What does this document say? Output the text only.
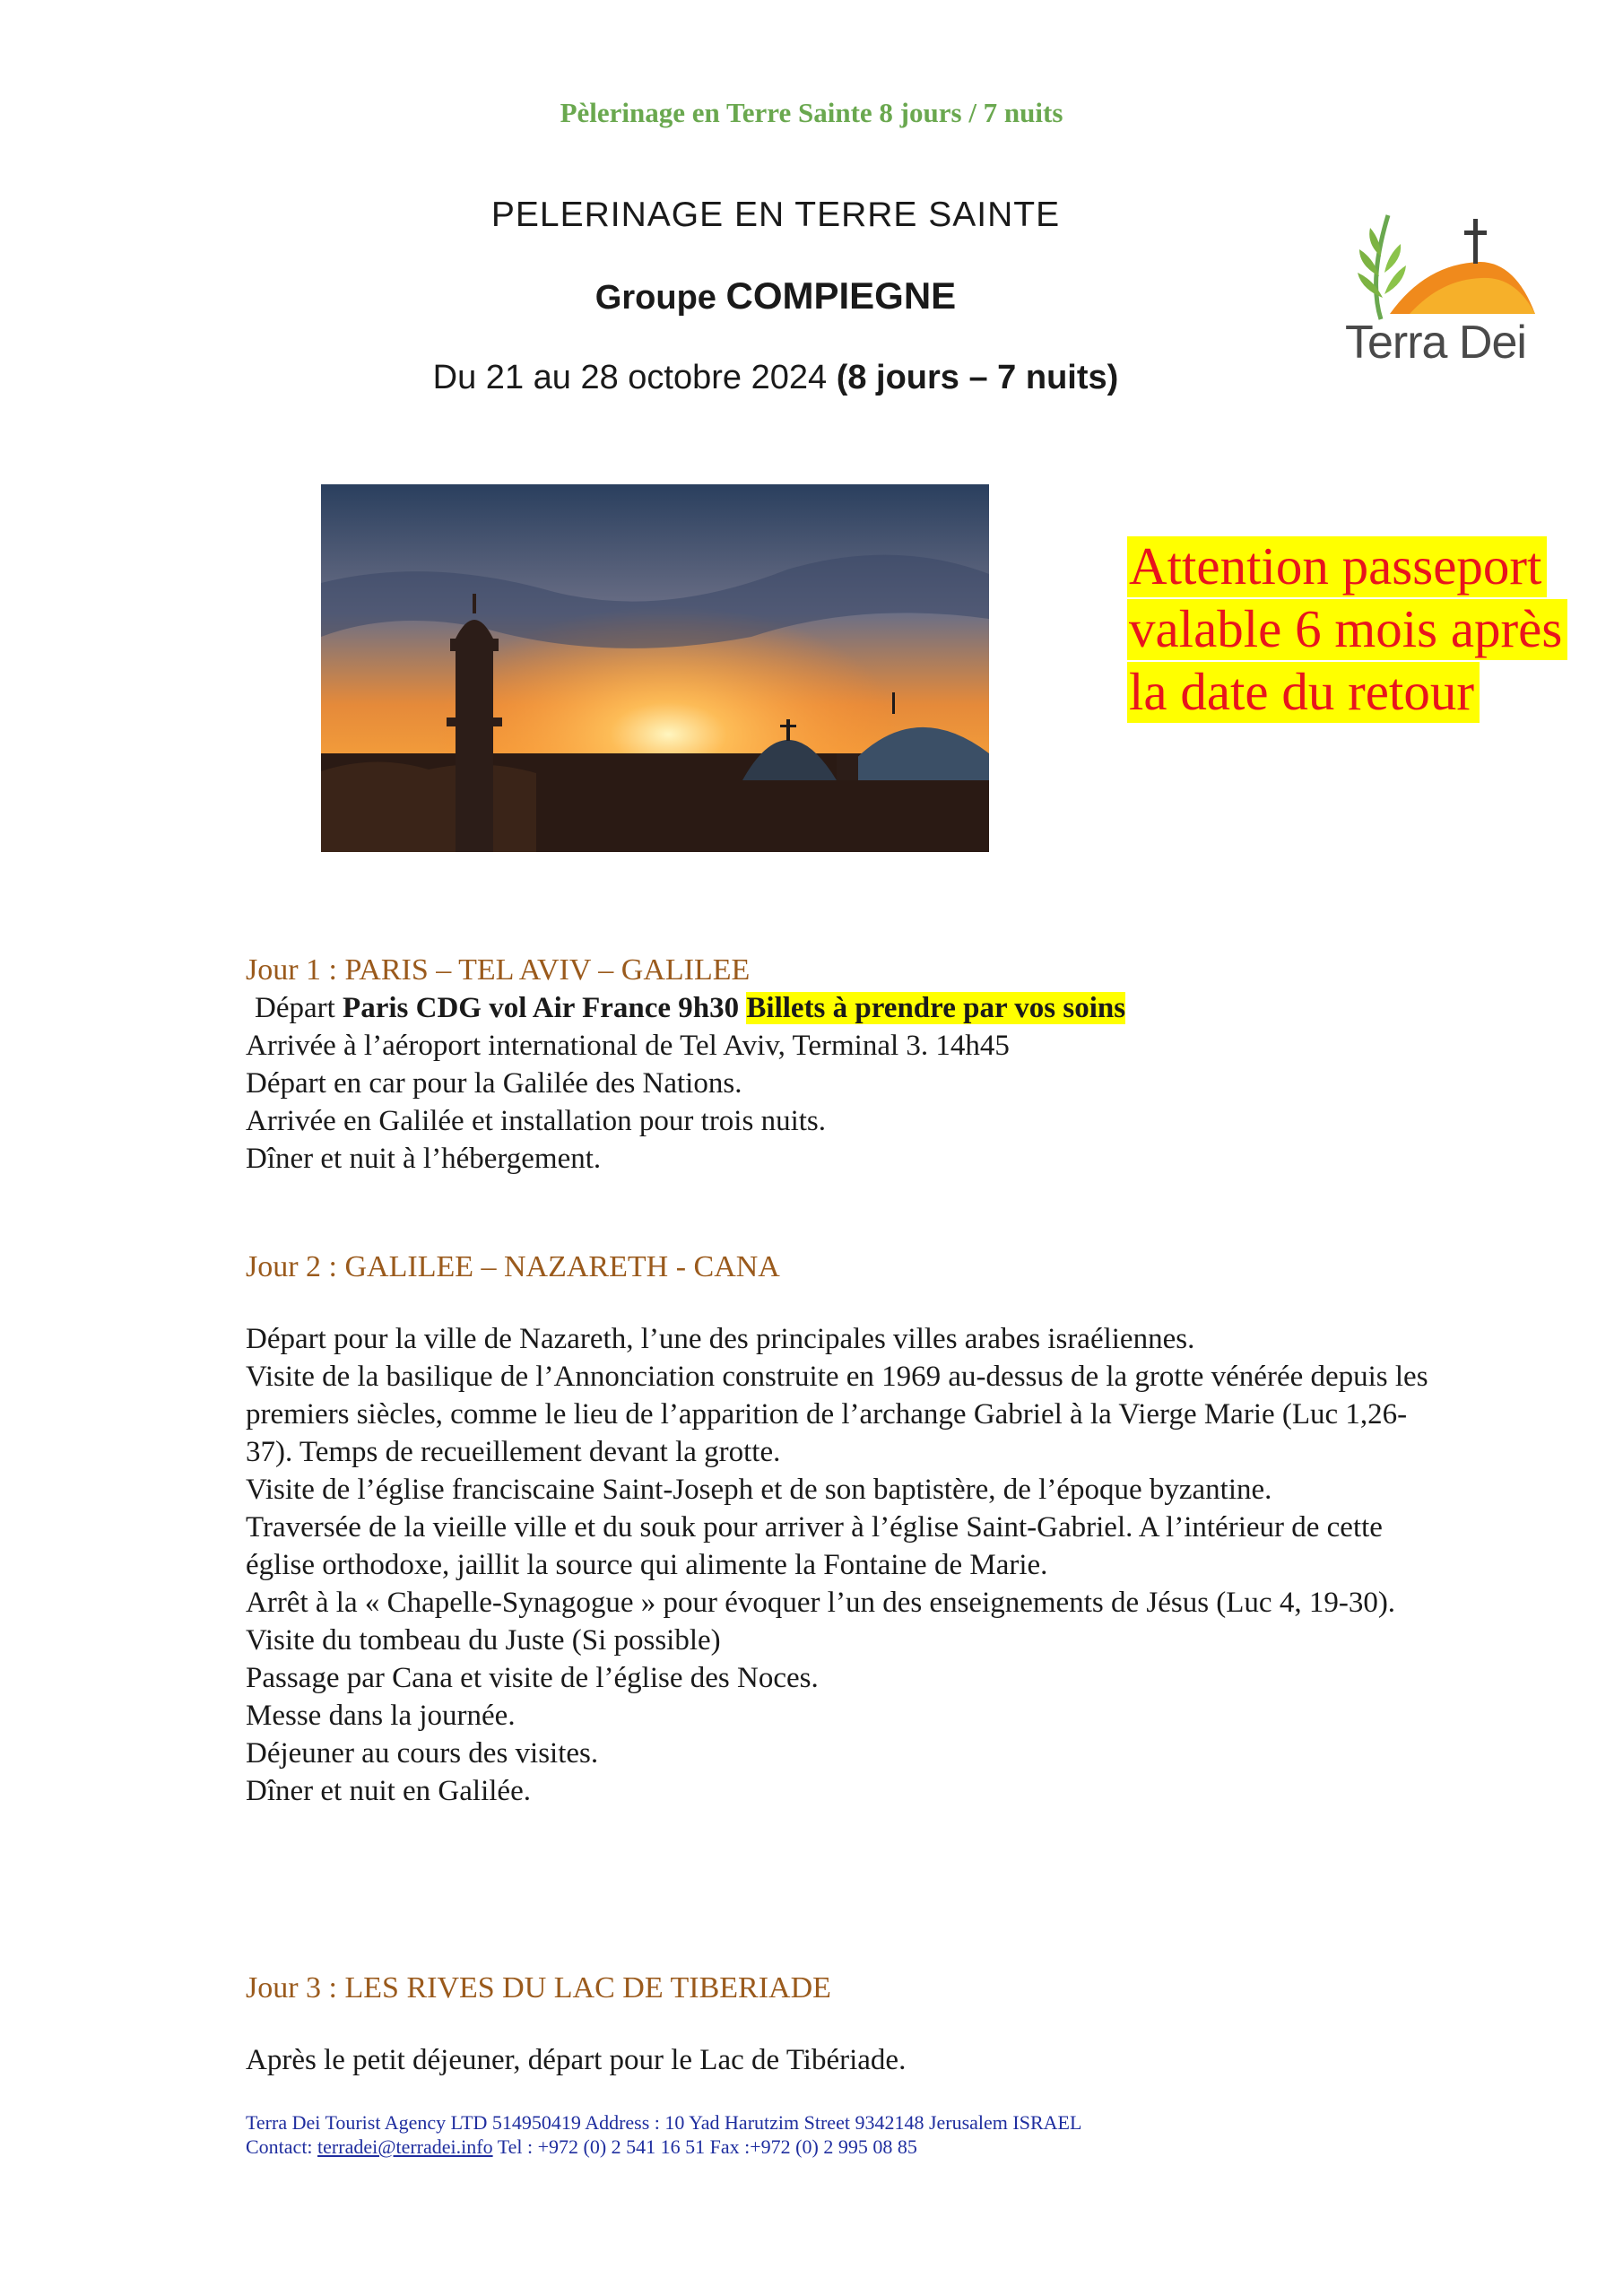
Pèlerinage en Terre Sainte 8 jours / 7 nuits
PELERINAGE EN TERRE SAINTE
Groupe COMPIEGNE
Du 21 au 28 octobre 2024 (8 jours – 7 nuits)
Terra Dei
Attention passeport
valable 6 mois après
la date du retour
Jour 1 : PARIS – TEL AVIV – GALILEE
Départ Paris CDG vol Air France 9h30 Billets à prendre par vos soins
Arrivée à l’aéroport international de Tel Aviv, Terminal 3. 14h45
Départ en car pour la Galilée des Nations.
Arrivée en Galilée et installation pour trois nuits.
Dîner et nuit à l’hébergement.
Jour 2 : GALILEE – NAZARETH - CANA

Départ pour la ville de Nazareth, l’une des principales villes arabes israéliennes.

Visite de la basilique de l’Annonciation construite en 1969 au-dessus de la grotte vénérée depuis les premiers siècles, comme le lieu de l’apparition de l’archange Gabriel à la Vierge Marie (Luc 1,26-37). Temps de recueillement devant la grotte.

Visite de l’église franciscaine Saint-Joseph et de son baptistère, de l’époque byzantine.

Traversée de la vieille ville et du souk pour arriver à l’église Saint-Gabriel. A l’intérieur de cette église orthodoxe, jaillit la source qui alimente la Fontaine de Marie.

Arrêt à la « Chapelle-Synagogue » pour évoquer l’un des enseignements de Jésus (Luc 4, 19-30).

Visite du tombeau du Juste (Si possible)

Passage par Cana et visite de l’église des Noces.

Messe dans la journée.

Déjeuner au cours des visites.

Dîner et nuit en Galilée.

Jour 3 : LES RIVES DU LAC DE TIBERIADE

Après le petit déjeuner, départ pour le Lac de Tibériade.

Terra Dei Tourist Agency LTD 514950419 Address : 10 Yad Harutzim Street 9342148 Jerusalem ISRAEL
Contact: terradei@terradei.info Tel : +972 (0) 2 541 16 51 Fax :+972 (0) 2 995 08 85
